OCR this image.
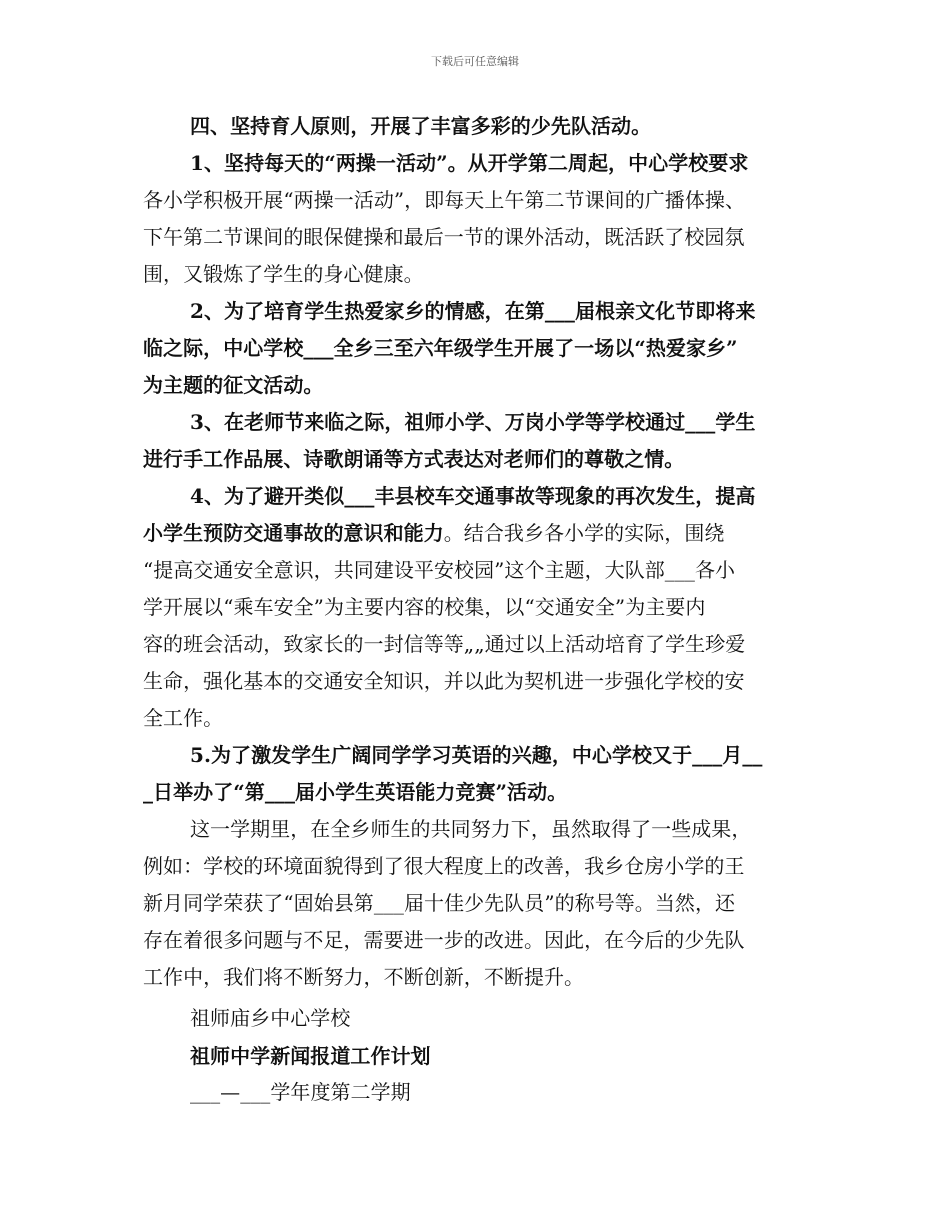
下载后可任意编辑
四、坚持育人原则，开展了丰富多彩的少先队活动。
1、坚持每天的“两操一活动”。从开学第二周起，中心学校要求
各小学积极开展“两操一活动”，即每天上午第二节课间的广播体操、
下午第二节课间的眼保健操和最后一节的课外活动，既活跃了校园氛
围，又锻炼了学生的身心健康。
2、为了培育学生热爱家乡的情感，在第___届根亲文化节即将来
临之际，中心学校___全乡三至六年级学生开展了一场以“热爱家乡”
为主题的征文活动。
3、在老师节来临之际，祖师小学、万岗小学等学校通过___学生
进行手工作品展、诗歌朗诵等方式表达对老师们的尊敬之情。
4、为了避开类似___丰县校车交通事故等现象的再次发生，提高
小学生预防交通事故的意识和能力。结合我乡各小学的实际，围绕
“提高交通安全意识，共同建设平安校园”这个主题，大队部___各小
学开展以“乘车安全”为主要内容的校集，以“交通安全”为主要内
容的班会活动，致家长的一封信等等„„通过以上活动培育了学生珍爱
生命，强化基本的交通安全知识，并以此为契机进一步强化学校的安
全工作。
5.为了激发学生广阔同学学习英语的兴趣，中心学校又于___月__
_日举办了“第___届小学生英语能力竞赛”活动。
这一学期里，在全乡师生的共同努力下，虽然取得了一些成果，
例如：学校的环境面貌得到了很大程度上的改善，我乡仓房小学的王
新月同学荣获了“固始县第___届十佳少先队员”的称号等。当然，还
存在着很多问题与不足，需要进一步的改进。因此，在今后的少先队
工作中，我们将不断努力，不断创新，不断提升。
祖师庙乡中心学校
祖师中学新闻报道工作计划
___—___学年度第二学期
